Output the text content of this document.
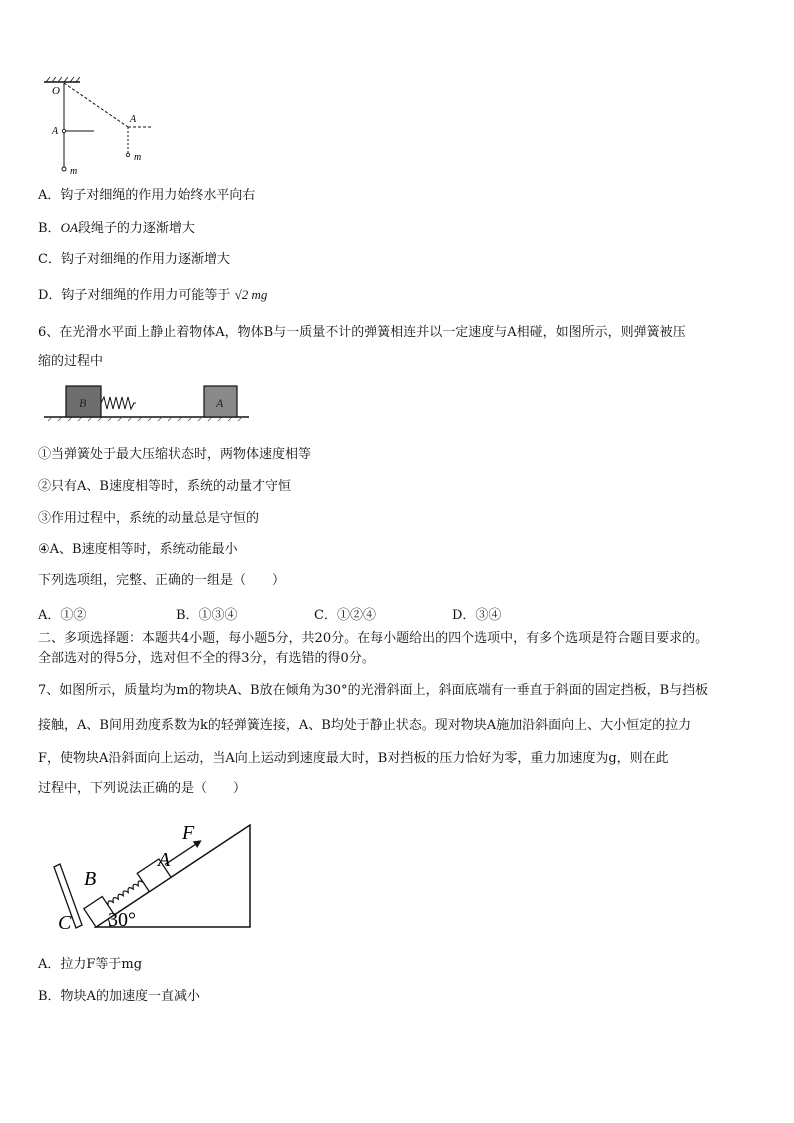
O
A
A
m
m
A．钩子对细绳的作用力始终水平向右
B．OA段绳子的力逐渐增大
C．钩子对细绳的作用力逐渐增大
D．钩子对细绳的作用力可能等于 √2 mg
6、在光滑水平面上静止着物体A，物体B与一质量不计的弹簧相连并以一定速度与A相碰，如图所示，则弹簧被压
缩的过程中
B	A
①当弹簧处于最大压缩状态时，两物体速度相等
②只有A、B速度相等时，系统的动量才守恒
③作用过程中，系统的动量总是守恒的
④A、B速度相等时，系统动能最小
下列选项组，完整、正确的一组是（　　）
A．①②	B．①③④	C．①②④	D．③④
二、多项选择题：本题共4小题，每小题5分，共20分。在每小题给出的四个选项中，有多个选项是符合题目要求的。
全部选对的得5分，选对但不全的得3分，有选错的得0分。
7、如图所示，质量均为m的物块A、B放在倾角为30°的光滑斜面上，斜面底端有一垂直于斜面的固定挡板，B与挡板
接触，A、B间用劲度系数为k的轻弹簧连接，A、B均处于静止状态。现对物块A施加沿斜面向上、大小恒定的拉力
F，使物块A沿斜面向上运动，当A向上运动到速度最大时，B对挡板的压力恰好为零，重力加速度为g，则在此
过程中，下列说法正确的是（　　）
B
C
A
F
30°
A．拉力F等于mg
B．物块A的加速度一直减小
